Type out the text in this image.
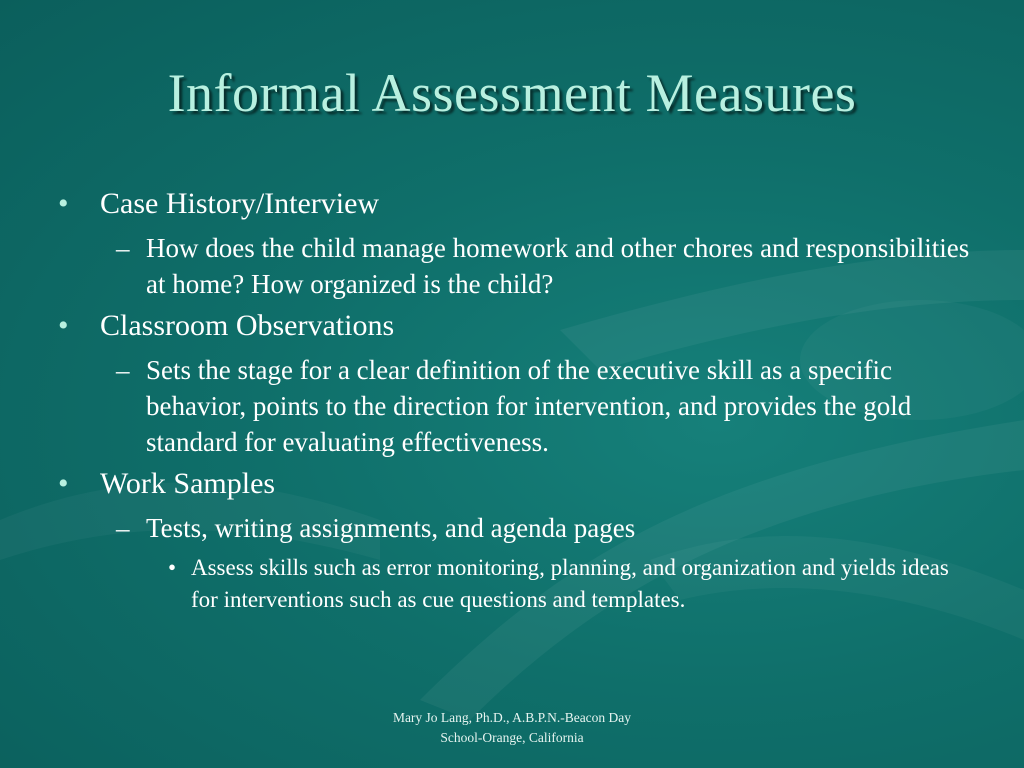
Informal Assessment Measures
• Case History/Interview
– How does the child manage homework and other chores and responsibilities at home? How organized is the child?
• Classroom Observations
– Sets the stage for a clear definition of the executive skill as a specific behavior, points to the direction for intervention, and provides the gold standard for evaluating effectiveness.
• Work Samples
– Tests, writing assignments, and agenda pages
• Assess skills such as error monitoring, planning, and organization and yields ideas for interventions such as cue questions and templates.
Mary Jo Lang, Ph.D., A.B.P.N.-Beacon Day
School-Orange, California
